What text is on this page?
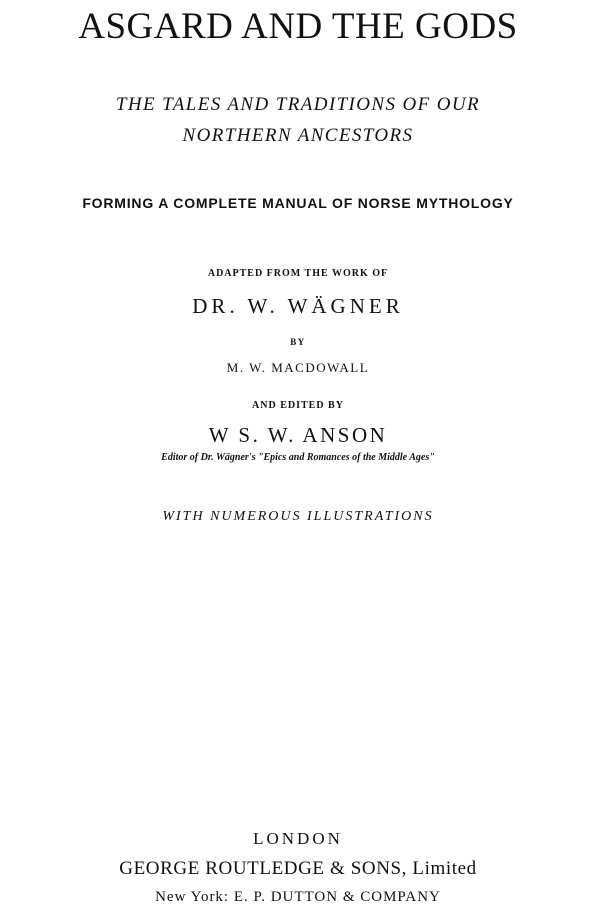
ASGARD AND THE GODS
THE TALES AND TRADITIONS OF OUR
NORTHERN ANCESTORS
FORMING A COMPLETE MANUAL OF NORSE MYTHOLOGY
ADAPTED FROM THE WORK OF
DR. W. WÄGNER
BY
M. W. MACDOWALL
AND EDITED BY
W S. W. ANSON
Editor of Dr. Wägner's "Epics and Romances of the Middle Ages"
WITH NUMEROUS ILLUSTRATIONS
LONDON
GEORGE ROUTLEDGE & SONS, Limited
New York: E. P. DUTTON & COMPANY
